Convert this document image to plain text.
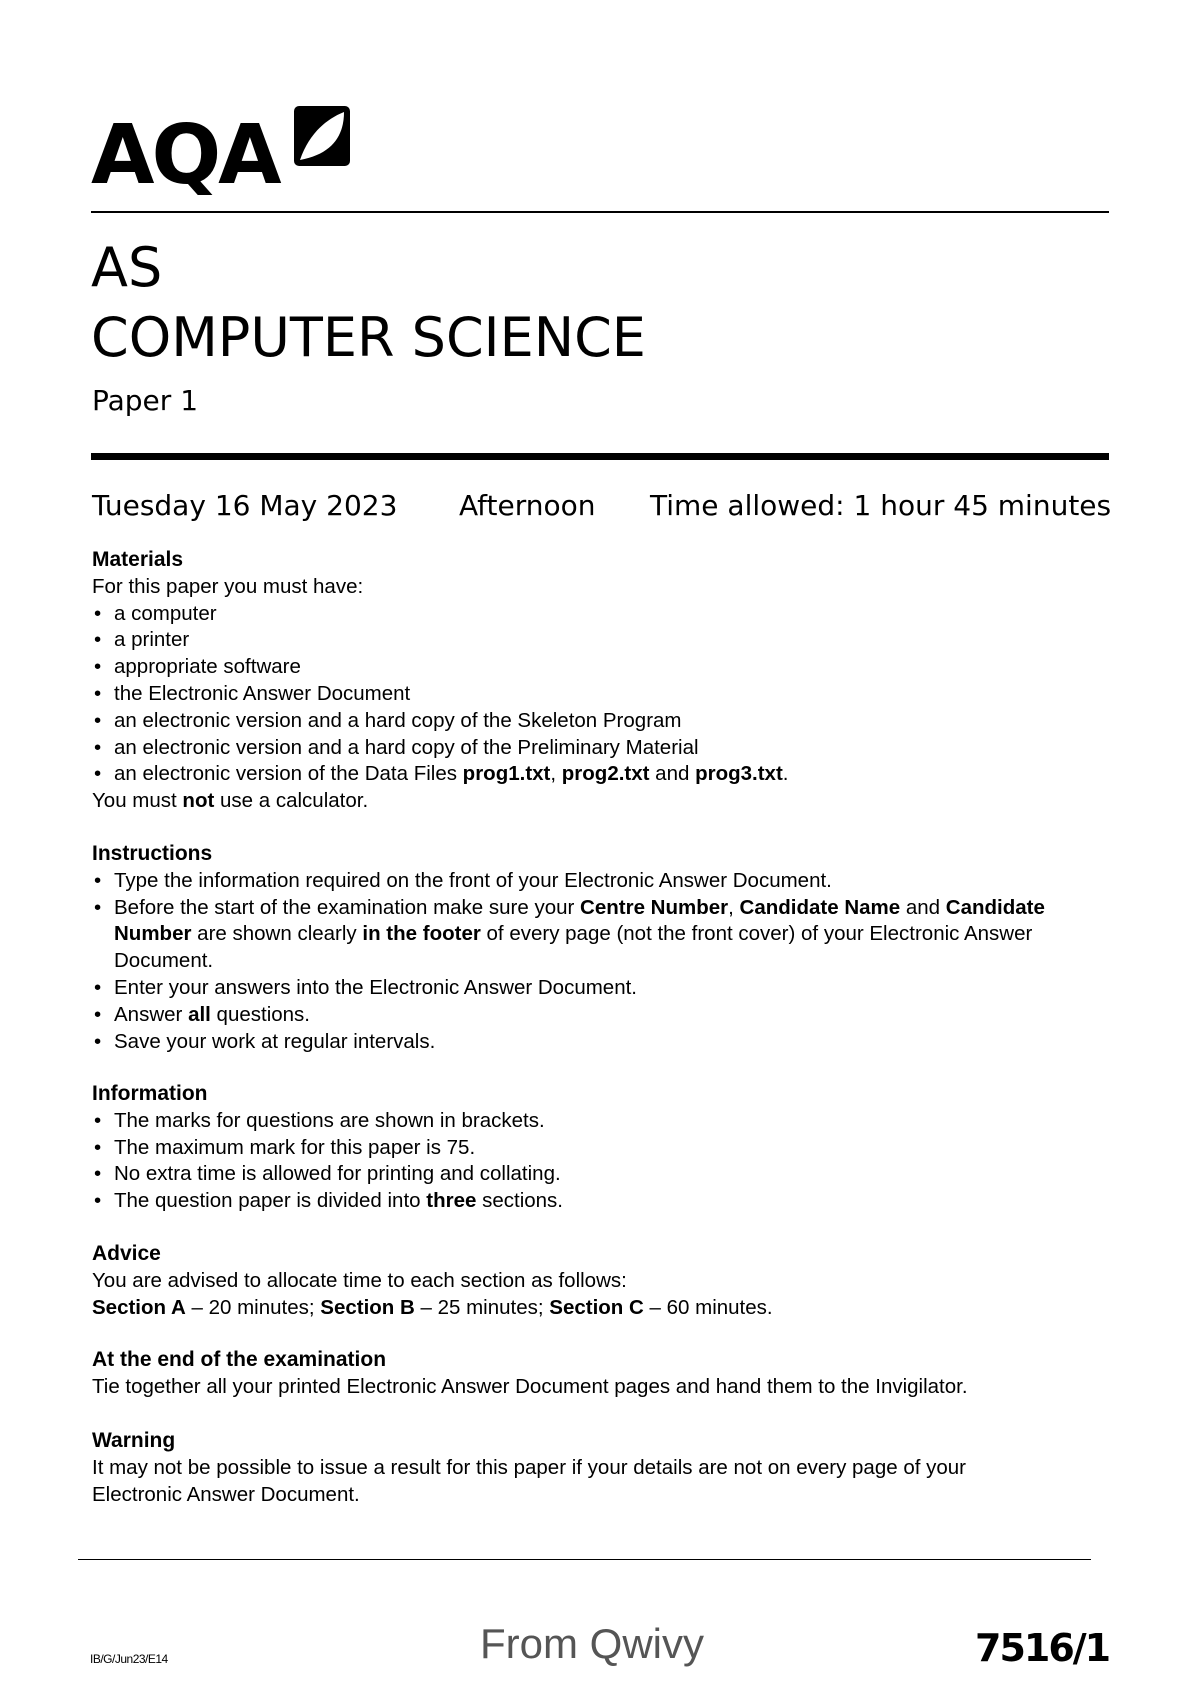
AQA
AS
COMPUTER SCIENCE
Paper 1
Tuesday 16 May 2023 Afternoon Time allowed: 1 hour 45 minutes
Materials

For this paper you must have:

• a computer
• a printer
• appropriate software
• the Electronic Answer Document
• an electronic version and a hard copy of the Skeleton Program
• an electronic version and a hard copy of the Preliminary Material
• an electronic version of the Data Files prog1.txt, prog2.txt and prog3.txt.

You must not use a calculator.

Instructions
• Type the information required on the front of your Electronic Answer Document.
• Before the start of the examination make sure your Centre Number, Candidate Name and Candidate Number are shown clearly in the footer of every page (not the front cover) of your Electronic Answer Document.
• Enter your answers into the Electronic Answer Document.
• Answer all questions.
• Save your work at regular intervals.
Information
• The marks for questions are shown in brackets.
• The maximum mark for this paper is 75.
• No extra time is allowed for printing and collating.
• The question paper is divided into three sections.
Advice

You are advised to allocate time to each section as follows:

Section A – 20 minutes; Section B – 25 minutes; Section C – 60 minutes.

At the end of the examination

Tie together all your printed Electronic Answer Document pages and hand them to the Invigilator.

Warning

It may not be possible to issue a result for this paper if your details are not on every page of your Electronic Answer Document.

IB/G/Jun23/E14	From Qwivy	7516/1
